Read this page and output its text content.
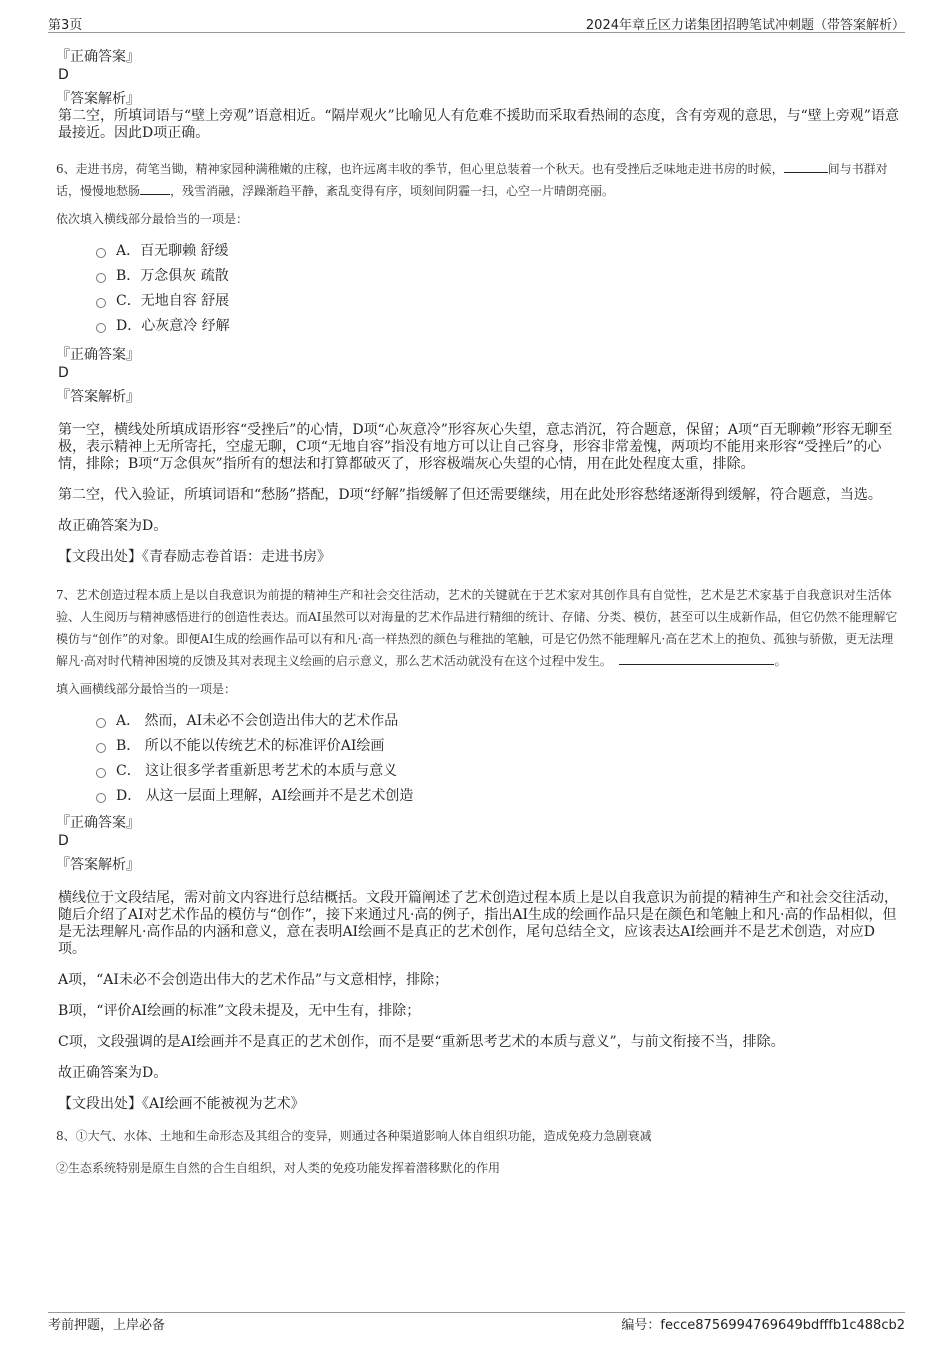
第3页	2024年章丘区力诺集团招聘笔试冲刺题（带答案解析）

『正确答案』

D

『答案解析』

第二空，所填词语与“壁上旁观”语意相近。“隔岸观火”比喻见人有危难不援助而采取看热闹的态度，含有旁观的意思，与“壁上旁观”语意最接近。因此D项正确。

6、走进书房，荷笔当锄，精神家园种满稚嫩的庄稼，也许远离丰收的季节，但心里总装着一个秋天。也有受挫后乏味地走进书房的时候，	间与书群对话，慢慢地愁肠	，残雪消融，浮躁渐趋平静，紊乱变得有序，顷刻间阴霾一扫，心空一片晴朗亮丽。

依次填入横线部分最恰当的一项是：

A．百无聊赖 舒缓
B．万念俱灰 疏散
C．无地自容 舒展
D．心灰意冷 纾解

『正确答案』

D

『答案解析』

第一空，横线处所填成语形容“受挫后”的心情，D项“心灰意冷”形容灰心失望，意志消沉，符合题意，保留；A项“百无聊赖”形容无聊至极，表示精神上无所寄托，空虚无聊，C项“无地自容”指没有地方可以让自己容身，形容非常羞愧，两项均不能用来形容“受挫后”的心情，排除；B项“万念俱灰”指所有的想法和打算都破灭了，形容极端灰心失望的心情，用在此处程度太重，排除。

第二空，代入验证，所填词语和“愁肠”搭配，D项“纾解”指缓解了但还需要继续，用在此处形容愁绪逐渐得到缓解，符合题意，当选。

故正确答案为D。

【文段出处】《青春励志卷首语：走进书房》

7、艺术创造过程本质上是以自我意识为前提的精神生产和社会交往活动，艺术的关键就在于艺术家对其创作具有自觉性，艺术是艺术家基于自我意识对生活体验、人生阅历与精神感悟进行的创造性表达。而AI虽然可以对海量的艺术作品进行精细的统计、存储、分类、模仿，甚至可以生成新作品，但它仍然不能理解它模仿与“创作”的对象。即便AI生成的绘画作品可以有和凡·高一样热烈的颜色与稚拙的笔触，可是它仍然不能理解凡·高在艺术上的抱负、孤独与骄傲，更无法理解凡·高对时代精神困境的反馈及其对表现主义绘画的启示意义，那么艺术活动就没有在这个过程中发生。	。

填入画横线部分最恰当的一项是：

A． 然而，AI未必不会创造出伟大的艺术作品
B． 所以不能以传统艺术的标准评价AI绘画
C． 这让很多学者重新思考艺术的本质与意义
D． 从这一层面上理解，AI绘画并不是艺术创造

『正确答案』

D

『答案解析』

横线位于文段结尾，需对前文内容进行总结概括。文段开篇阐述了艺术创造过程本质上是以自我意识为前提的精神生产和社会交往活动，随后介绍了AI对艺术作品的模仿与“创作”，接下来通过凡·高的例子，指出AI生成的绘画作品只是在颜色和笔触上和凡·高的作品相似，但是无法理解凡·高作品的内涵和意义，意在表明AI绘画不是真正的艺术创作，尾句总结全文，应该表达AI绘画并不是艺术创造，对应D项。

A项，“AI未必不会创造出伟大的艺术作品”与文意相悖，排除；

B项，“评价AI绘画的标准”文段未提及，无中生有，排除；

C项，文段强调的是AI绘画并不是真正的艺术创作，而不是要“重新思考艺术的本质与意义”，与前文衔接不当，排除。

故正确答案为D。

【文段出处】《AI绘画不能被视为艺术》

8、①大气、水体、土地和生命形态及其组合的变异，则通过各种渠道影响人体自组织功能，造成免疫力急剧衰减

②生态系统特别是原生自然的合生自组织，对人类的免疫功能发挥着潜移默化的作用

考前押题，上岸必备	编号：fecce8756994769649bdfffb1c488cb2
